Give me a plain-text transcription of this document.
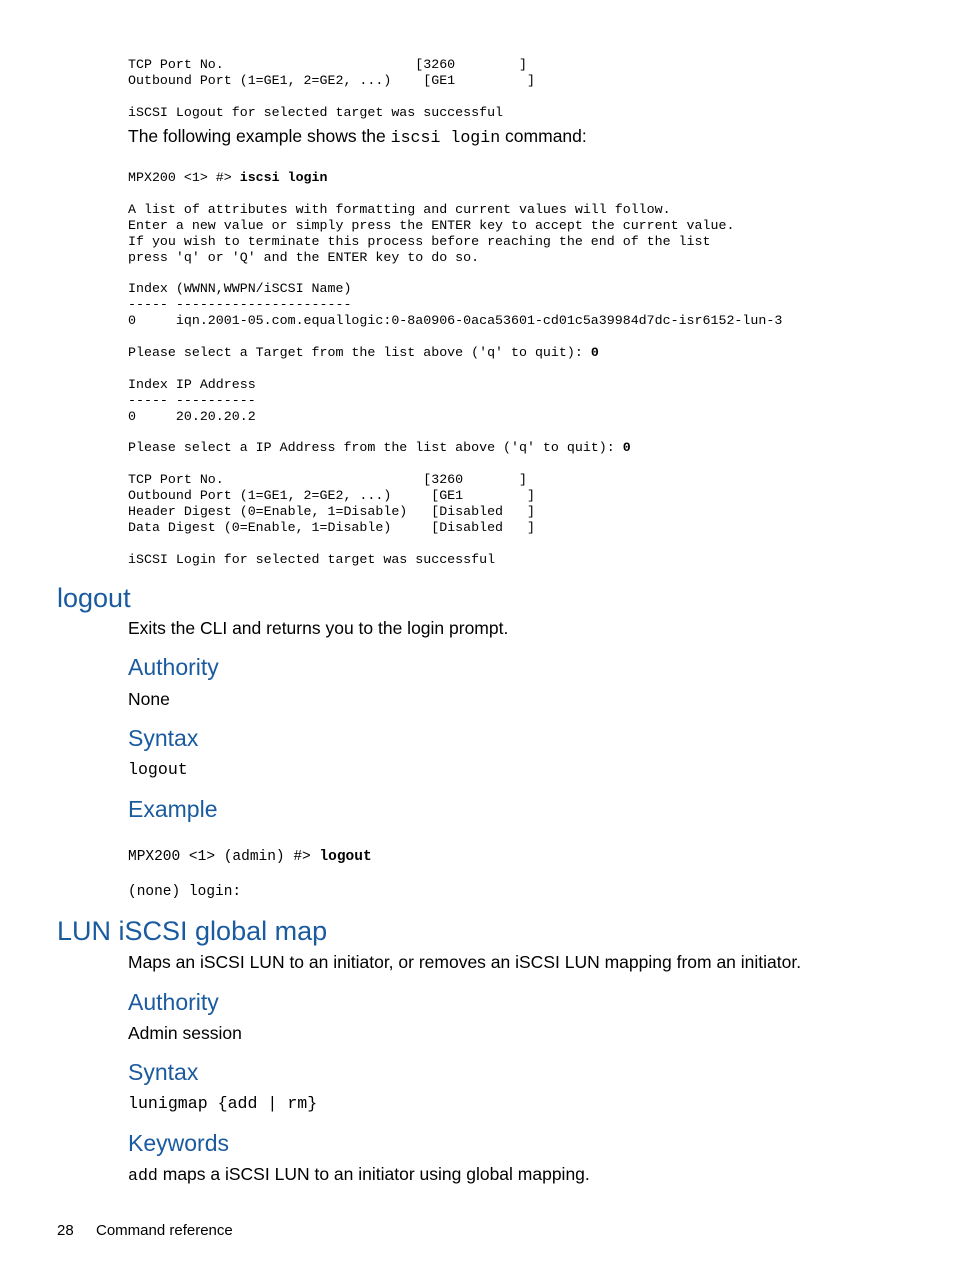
TCP Port No.                        [3260        ]
Outbound Port (1=GE1, 2=GE2, ...)    [GE1         ]

iSCSI Logout for selected target was successful
The following example shows the iscsi login command:
MPX200 <1> #> iscsi login

A list of attributes with formatting and current values will follow.
Enter a new value or simply press the ENTER key to accept the current value.
If you wish to terminate this process before reaching the end of the list
press 'q' or 'Q' and the ENTER key to do so.

Index (WWNN,WWPN/iSCSI Name)
----- ----------------------
0     iqn.2001-05.com.equallogic:0-8a0906-0aca53601-cd01c5a39984d7dc-isr6152-lun-3

Please select a Target from the list above ('q' to quit): 0

Index IP Address
----- ----------
0     20.20.20.2

Please select a IP Address from the list above ('q' to quit): 0

TCP Port No.                         [3260       ]
Outbound Port (1=GE1, 2=GE2, ...)     [GE1        ]
Header Digest (0=Enable, 1=Disable)   [Disabled   ]
Data Digest (0=Enable, 1=Disable)     [Disabled   ]

iSCSI Login for selected target was successful
logout
Exits the CLI and returns you to the login prompt.
Authority
None
Syntax
logout
Example
MPX200 <1> (admin) #> logout
(none) login:
LUN iSCSI global map
Maps an iSCSI LUN to an initiator, or removes an iSCSI LUN mapping from an initiator.
Authority
Admin session
Syntax
lunigmap {add | rm}
Keywords
add maps a iSCSI LUN to an initiator using global mapping.
28 Command reference
